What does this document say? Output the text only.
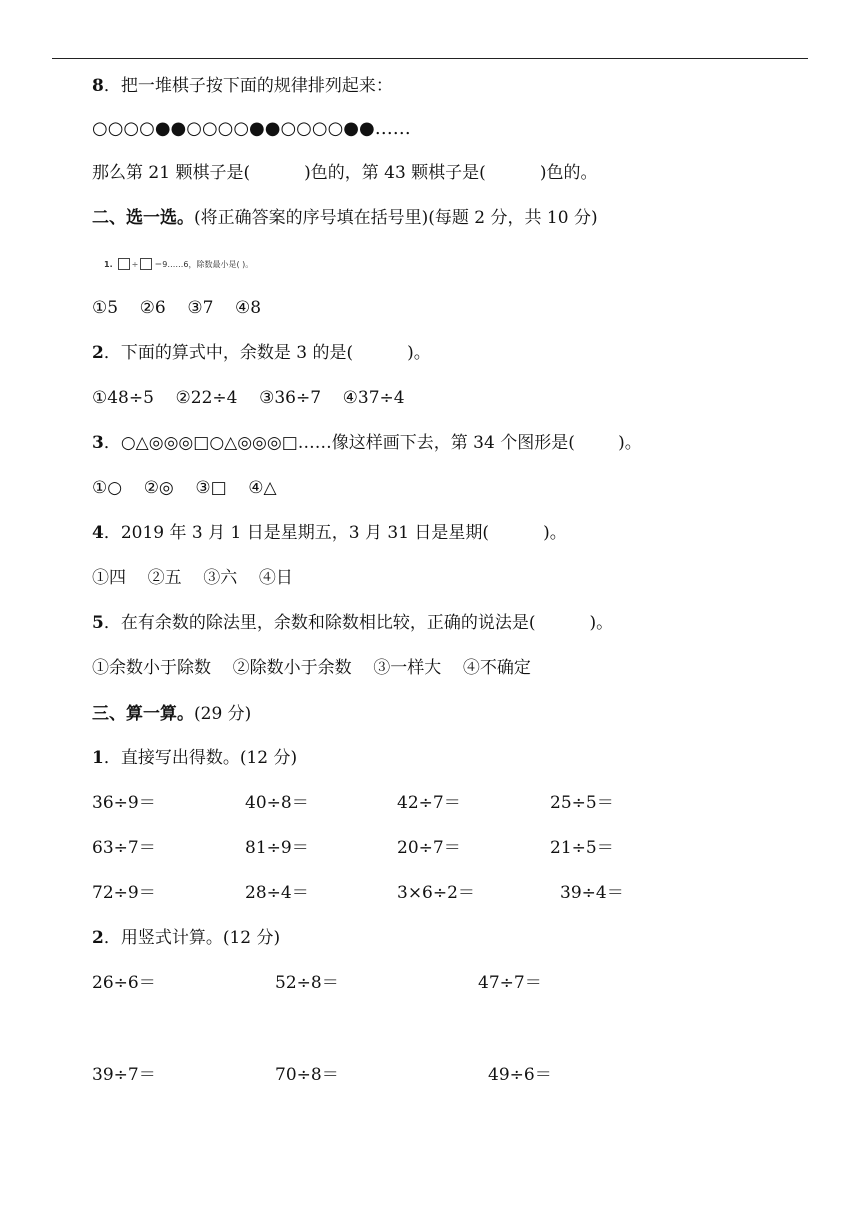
8．把一堆棋子按下面的规律排列起来：
○○○○●●○○○○●●○○○○●●……
那么第 21 颗棋子是(          )色的，第 43 颗棋子是(          )色的。
二、选一选。(将正确答案的序号填在括号里)(每题 2 分，共 10 分)
1. ÷ ＝9……6，除数最小是( )。
①5    ②6    ③7    ④8
2．下面的算式中，余数是 3 的是(          )。
①48÷5    ②22÷4    ③36÷7    ④37÷4
3．○△◎◎◎□○△◎◎◎□……像这样画下去，第 34 个图形是(        )。
①○    ②◎    ③□    ④△
4．2019 年 3 月 1 日是星期五，3 月 31 日是星期(          )。
①四    ②五    ③六    ④日
5．在有余数的除法里，余数和除数相比较，正确的说法是(          )。
①余数小于除数    ②除数小于余数    ③一样大    ④不确定
三、算一算。(29 分)
1．直接写出得数。(12 分)
36÷9＝	40÷8＝	42÷7＝	25÷5＝
63÷7＝	81÷9＝	20÷7＝	21÷5＝
72÷9＝	28÷4＝	3×6÷2＝	39÷4＝
2．用竖式计算。(12 分)
26÷6＝	52÷8＝	47÷7＝
39÷7＝	70÷8＝	49÷6＝
